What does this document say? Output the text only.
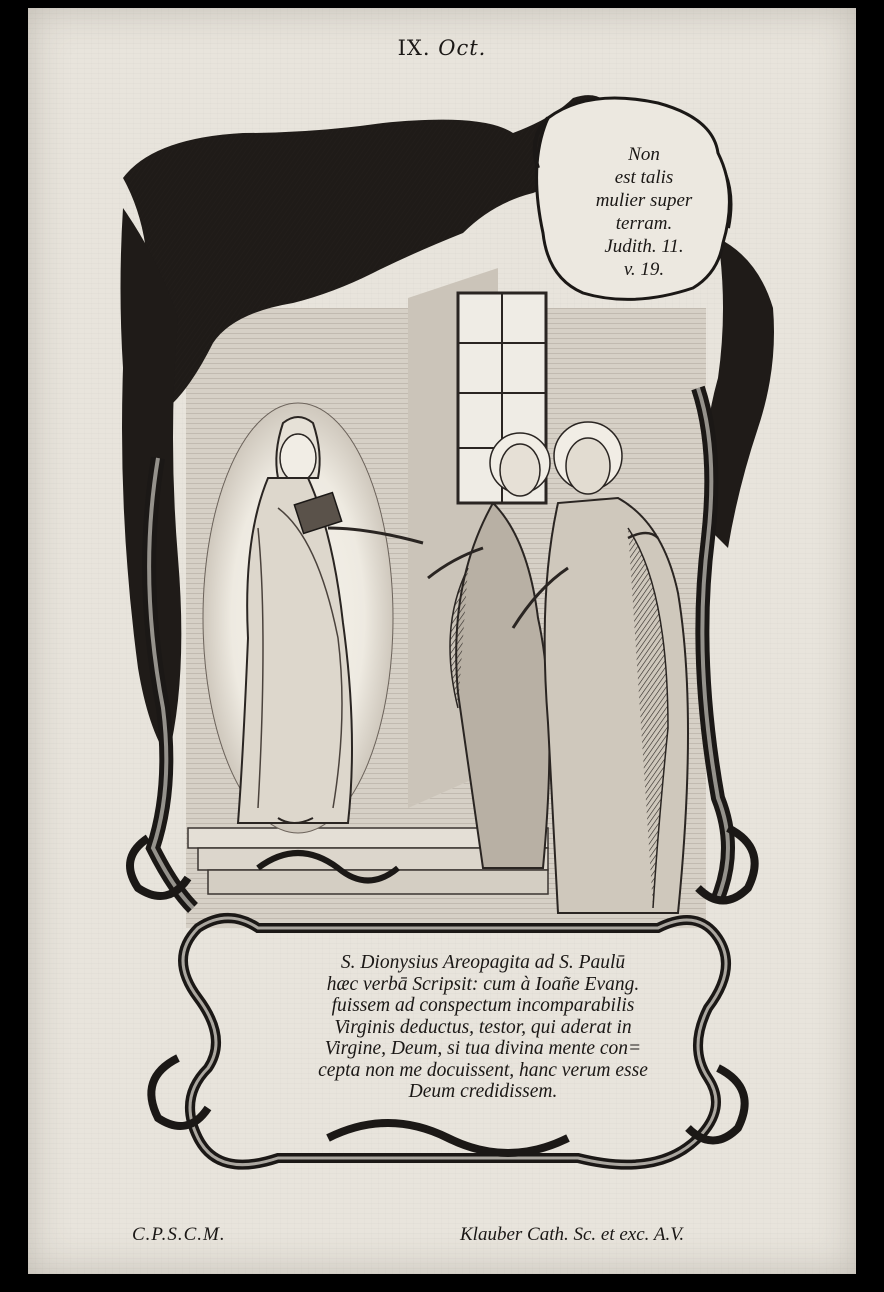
IX. Oct.
Non
est talis
mulier super
terram.
Judith. 11.
v. 19.
S. Dionysius Areopagita ad S. Paulū
hæc verbā Scripsit: cum à Ioañe Evang.
fuissem ad conspectum incomparabilis
Virginis deductus, testor, qui aderat in
Virgine, Deum, si tua divina mente con=
cepta non me docuissent, hanc verum esse
Deum credidissem.
C.P.S.C.M.	Klauber Cath. Sc. et exc. A.V.
